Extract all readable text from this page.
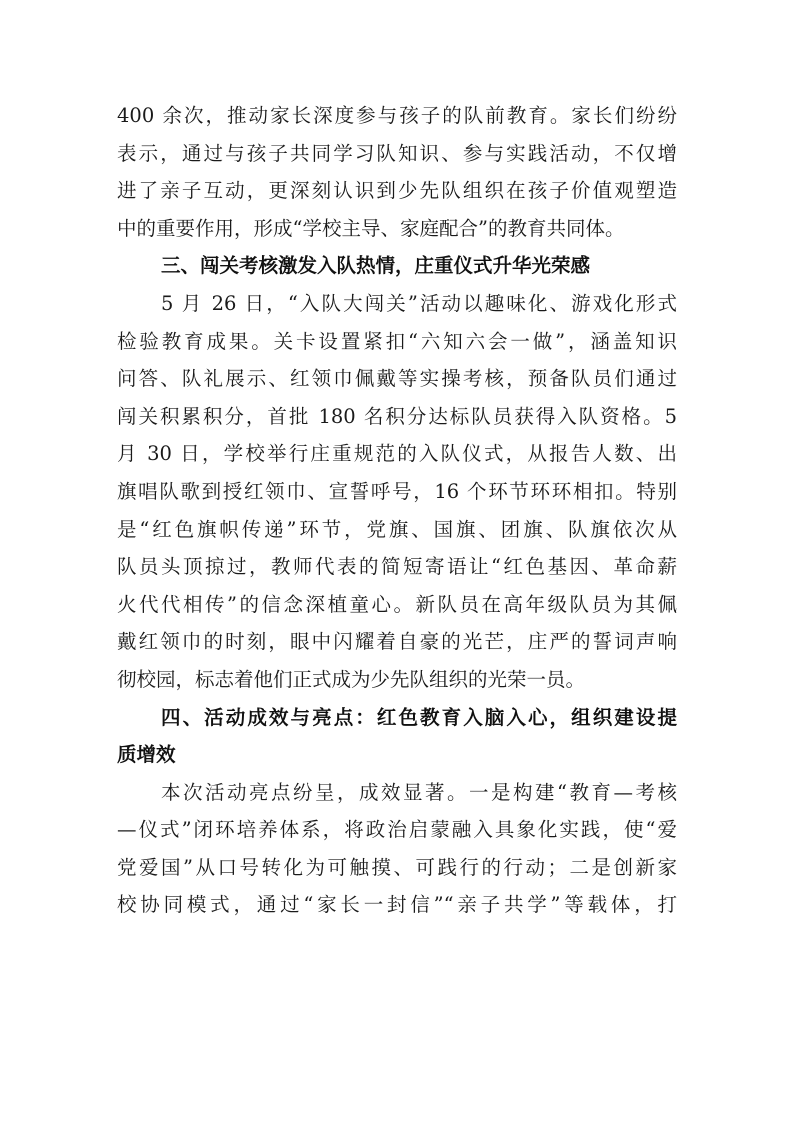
400 余次，推动家长深度参与孩子的队前教育。家长们纷纷
表示，通过与孩子共同学习队知识、参与实践活动，不仅增
进了亲子互动，更深刻认识到少先队组织在孩子价值观塑造
中的重要作用，形成“学校主导、家庭配合”的教育共同体。
三、闯关考核激发入队热情，庄重仪式升华光荣感
5 月 26 日，“入队大闯关”活动以趣味化、游戏化形式
检验教育成果。关卡设置紧扣“六知六会一做”，涵盖知识
问答、队礼展示、红领巾佩戴等实操考核，预备队员们通过
闯关积累积分，首批 180 名积分达标队员获得入队资格。5
月 30 日，学校举行庄重规范的入队仪式，从报告人数、出
旗唱队歌到授红领巾、宣誓呼号，16 个环节环环相扣。特别
是“红色旗帜传递”环节，党旗、国旗、团旗、队旗依次从
队员头顶掠过，教师代表的简短寄语让“红色基因、革命薪
火代代相传”的信念深植童心。新队员在高年级队员为其佩
戴红领巾的时刻，眼中闪耀着自豪的光芒，庄严的誓词声响
彻校园，标志着他们正式成为少先队组织的光荣一员。
四、活动成效与亮点：红色教育入脑入心，组织建设提
质增效
本次活动亮点纷呈，成效显著。一是构建“教育—考核
—仪式”闭环培养体系，将政治启蒙融入具象化实践，使“爱
党爱国”从口号转化为可触摸、可践行的行动；二是创新家
校协同模式，通过“家长一封信”“亲子共学”等载体，打
